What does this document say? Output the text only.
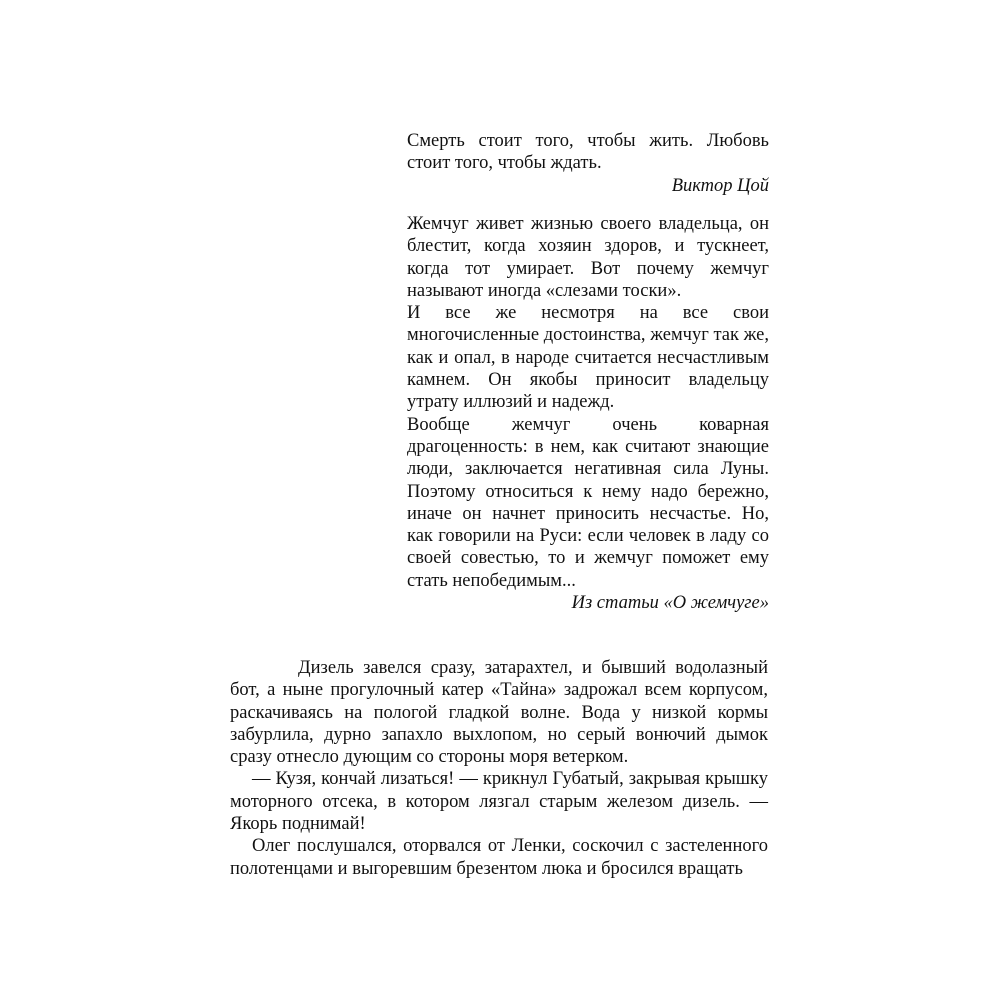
Смерть стоит того, чтобы жить. Любовь стоит того, чтобы ждать.

Виктор Цой

Жемчуг живет жизнью своего владельца, он блестит, когда хозяин здоров, и тускнеет, когда тот умирает. Вот почему жемчуг называют иногда «слезами тоски».

И все же несмотря на все свои многочисленные достоинства, жемчуг так же, как и опал, в народе считается несчастливым камнем. Он якобы приносит владельцу утрату иллюзий и надежд.

Вообще жемчуг очень коварная драгоценность: в нем, как считают знающие люди, заключается негативная сила Луны. Поэтому относиться к нему надо бережно, иначе он начнет приносить несчастье. Но, как говорили на Руси: если человек в ладу со своей совестью, то и жемчуг поможет ему стать непобедимым...

Из статьи «О жемчуге»

Дизель завелся сразу, затарахтел, и бывший водолазный бот, а ныне прогулочный катер «Тайна» задрожал всем корпусом, раскачиваясь на пологой гладкой волне. Вода у низкой кормы забурлила, дурно запахло выхлопом, но серый вонючий дымок сразу отнесло дующим со стороны моря ветерком.

— Кузя, кончай лизаться! — крикнул Губатый, закрывая крышку моторного отсека, в котором лязгал старым железом дизель. — Якорь поднимай!

Олег послушался, оторвался от Ленки, соскочил с застеленного полотенцами и выгоревшим брезентом люка и бросился вращать
